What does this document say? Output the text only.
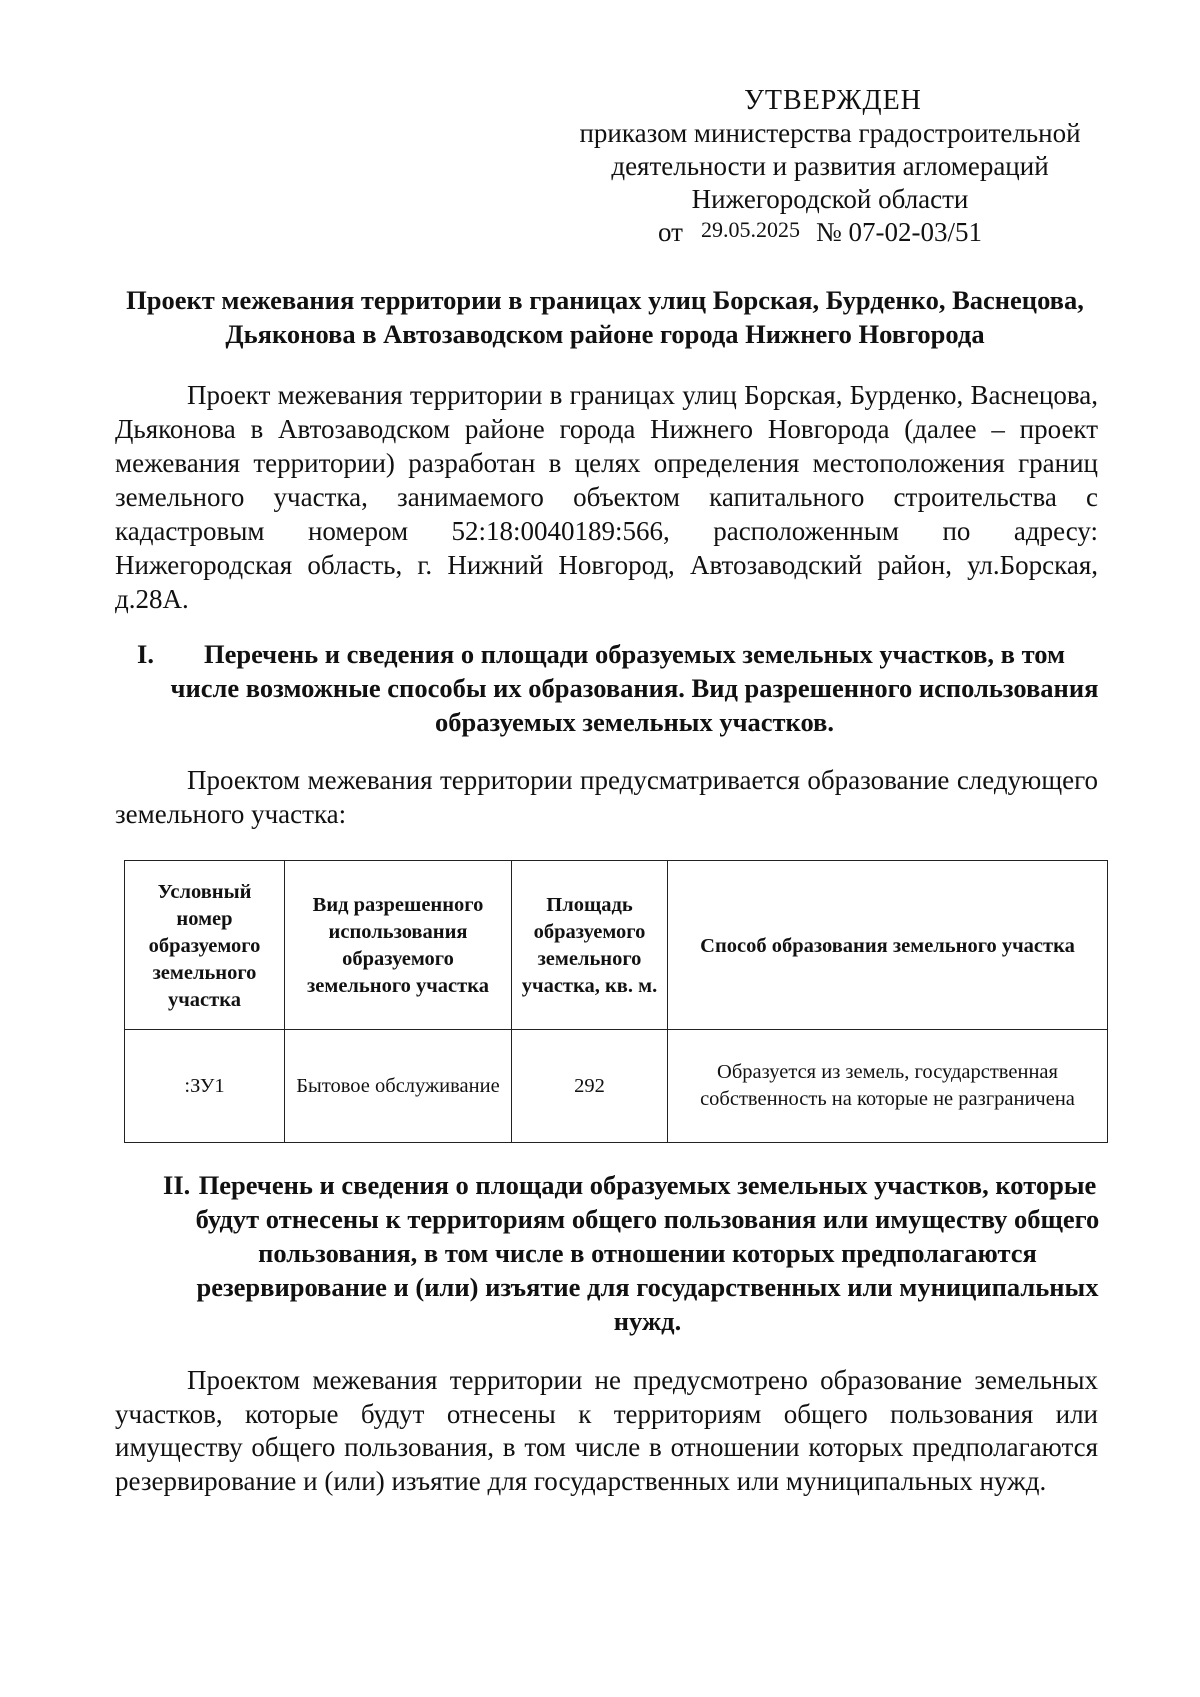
УТВЕРЖДЕН
приказом министерства градостроительной
деятельности и развития агломераций
Нижегородской области
от 29.05.2025 № 07-02-03/51
Проект межевания территории в границах улиц Борская, Бурденко, Васнецова, Дьяконова в Автозаводском районе города Нижнего Новгорода
Проект межевания территории в границах улиц Борская, Бурденко, Васнецова, Дьяконова в Автозаводском районе города Нижнего Новгорода (далее – проект межевания территории) разработан в целях определения местоположения границ земельного участка, занимаемого объектом капитального строительства с кадастровым номером 52:18:0040189:566, расположенным по адресу: Нижегородская область, г. Нижний Новгород, Автозаводский район, ул.Борская, д.28А.
I.	Перечень и сведения о площади образуемых земельных участков, в том числе возможные способы их образования. Вид разрешенного использования образуемых земельных участков.
Проектом межевания территории предусматривается образование следующего земельного участка:
Условный номер образуемого земельного участка	Вид разрешенного использования образуемого земельного участка	Площадь образуемого земельного участка, кв. м.	Способ образования земельного участка
:ЗУ1	Бытовое обслуживание	292	Образуется из земель, государственная собственность на которые не разграничена
II. Перечень и сведения о площади образуемых земельных участков, которые будут отнесены к территориям общего пользования или имуществу общего пользования, в том числе в отношении которых предполагаются резервирование и (или) изъятие для государственных или муниципальных нужд.
Проектом межевания территории не предусмотрено образование земельных участков, которые будут отнесены к территориям общего пользования или имуществу общего пользования, в том числе в отношении которых предполагаются резервирование и (или) изъятие для государственных или муниципальных нужд.
